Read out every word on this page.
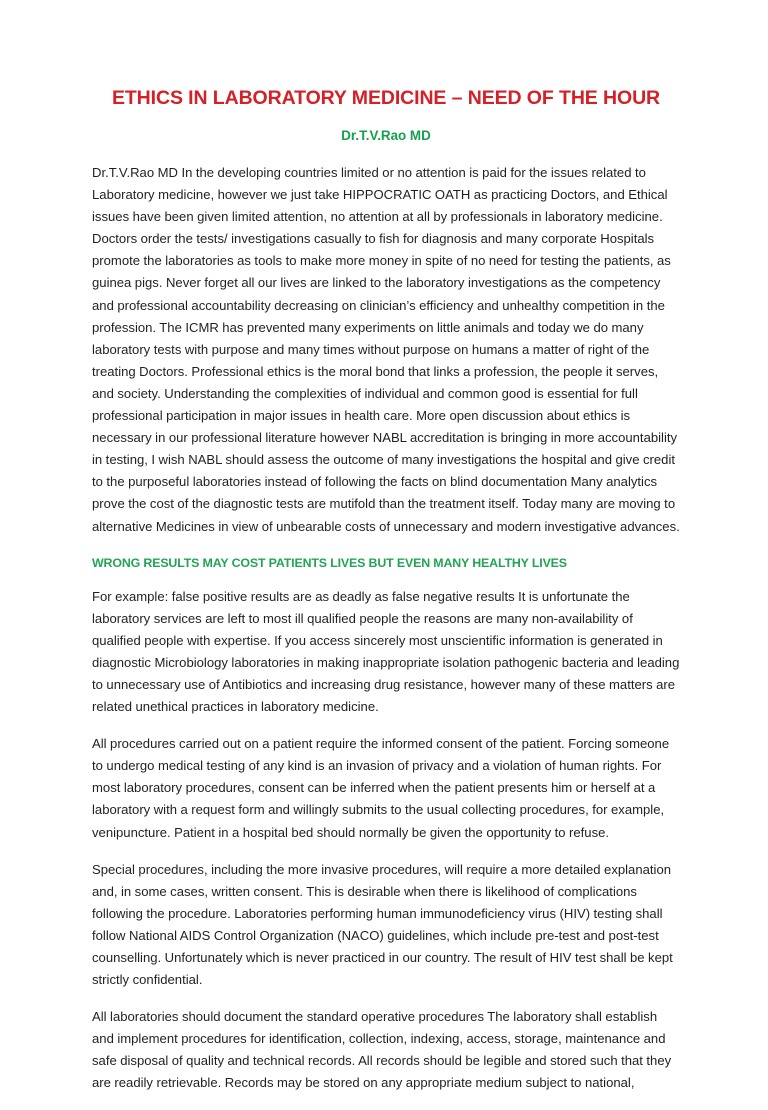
ETHICS IN LABORATORY MEDICINE – NEED OF THE HOUR
Dr.T.V.Rao MD

Dr.T.V.Rao MD In the developing countries limited or no attention is paid for the issues related to Laboratory medicine, however we just take HIPPOCRATIC OATH as practicing Doctors, and Ethical issues have been given limited attention, no attention at all by professionals in laboratory medicine. Doctors order the tests/ investigations casually to fish for diagnosis and many corporate Hospitals promote the laboratories as tools to make more money in spite of no need for testing the patients, as guinea pigs. Never forget all our lives are linked to the laboratory investigations as the competency and professional accountability decreasing on clinician’s efficiency and unhealthy competition in the profession. The ICMR has prevented many experiments on little animals and today we do many laboratory tests with purpose and many times without purpose on humans a matter of right of the treating Doctors. Professional ethics is the moral bond that links a profession, the people it serves, and society. Understanding the complexities of individual and common good is essential for full professional participation in major issues in health care. More open discussion about ethics is necessary in our professional literature however NABL accreditation is bringing in more accountability in testing, I wish NABL should assess the outcome of many investigations the hospital and give credit to the purposeful laboratories instead of following the facts on blind documentation Many analytics prove the cost of the diagnostic tests are mutifold than the treatment itself. Today many are moving to alternative Medicines in view of unbearable costs of unnecessary and modern investigative advances.

WRONG RESULTS MAY COST PATIENTS LIVES BUT EVEN MANY HEALTHY LIVES

For example: false positive results are as deadly as false negative results It is unfortunate the laboratory services are left to most ill qualified people the reasons are many non-availability of qualified people with expertise. If you access sincerely most unscientific information is generated in diagnostic Microbiology laboratories in making inappropriate isolation pathogenic bacteria and leading to unnecessary use of Antibiotics and increasing drug resistance, however many of these matters are related unethical practices in laboratory medicine.

All procedures carried out on a patient require the informed consent of the patient. Forcing someone to undergo medical testing of any kind is an invasion of privacy and a violation of human rights. For most laboratory procedures, consent can be inferred when the patient presents him or herself at a laboratory with a request form and willingly submits to the usual collecting procedures, for example, venipuncture. Patient in a hospital bed should normally be given the opportunity to refuse.

Special procedures, including the more invasive procedures, will require a more detailed explanation and, in some cases, written consent. This is desirable when there is likelihood of complications following the procedure. Laboratories performing human immunodeficiency virus (HIV) testing shall follow National AIDS Control Organization (NACO) guidelines, which include pre-test and post-test counselling. Unfortunately which is never practiced in our country. The result of HIV test shall be kept strictly confidential.

All laboratories should document the standard operative procedures The laboratory shall establish and implement procedures for identification, collection, indexing, access, storage, maintenance and safe disposal of quality and technical records. All records should be legible and stored such that they are readily retrievable. Records may be stored on any appropriate medium subject to national,
